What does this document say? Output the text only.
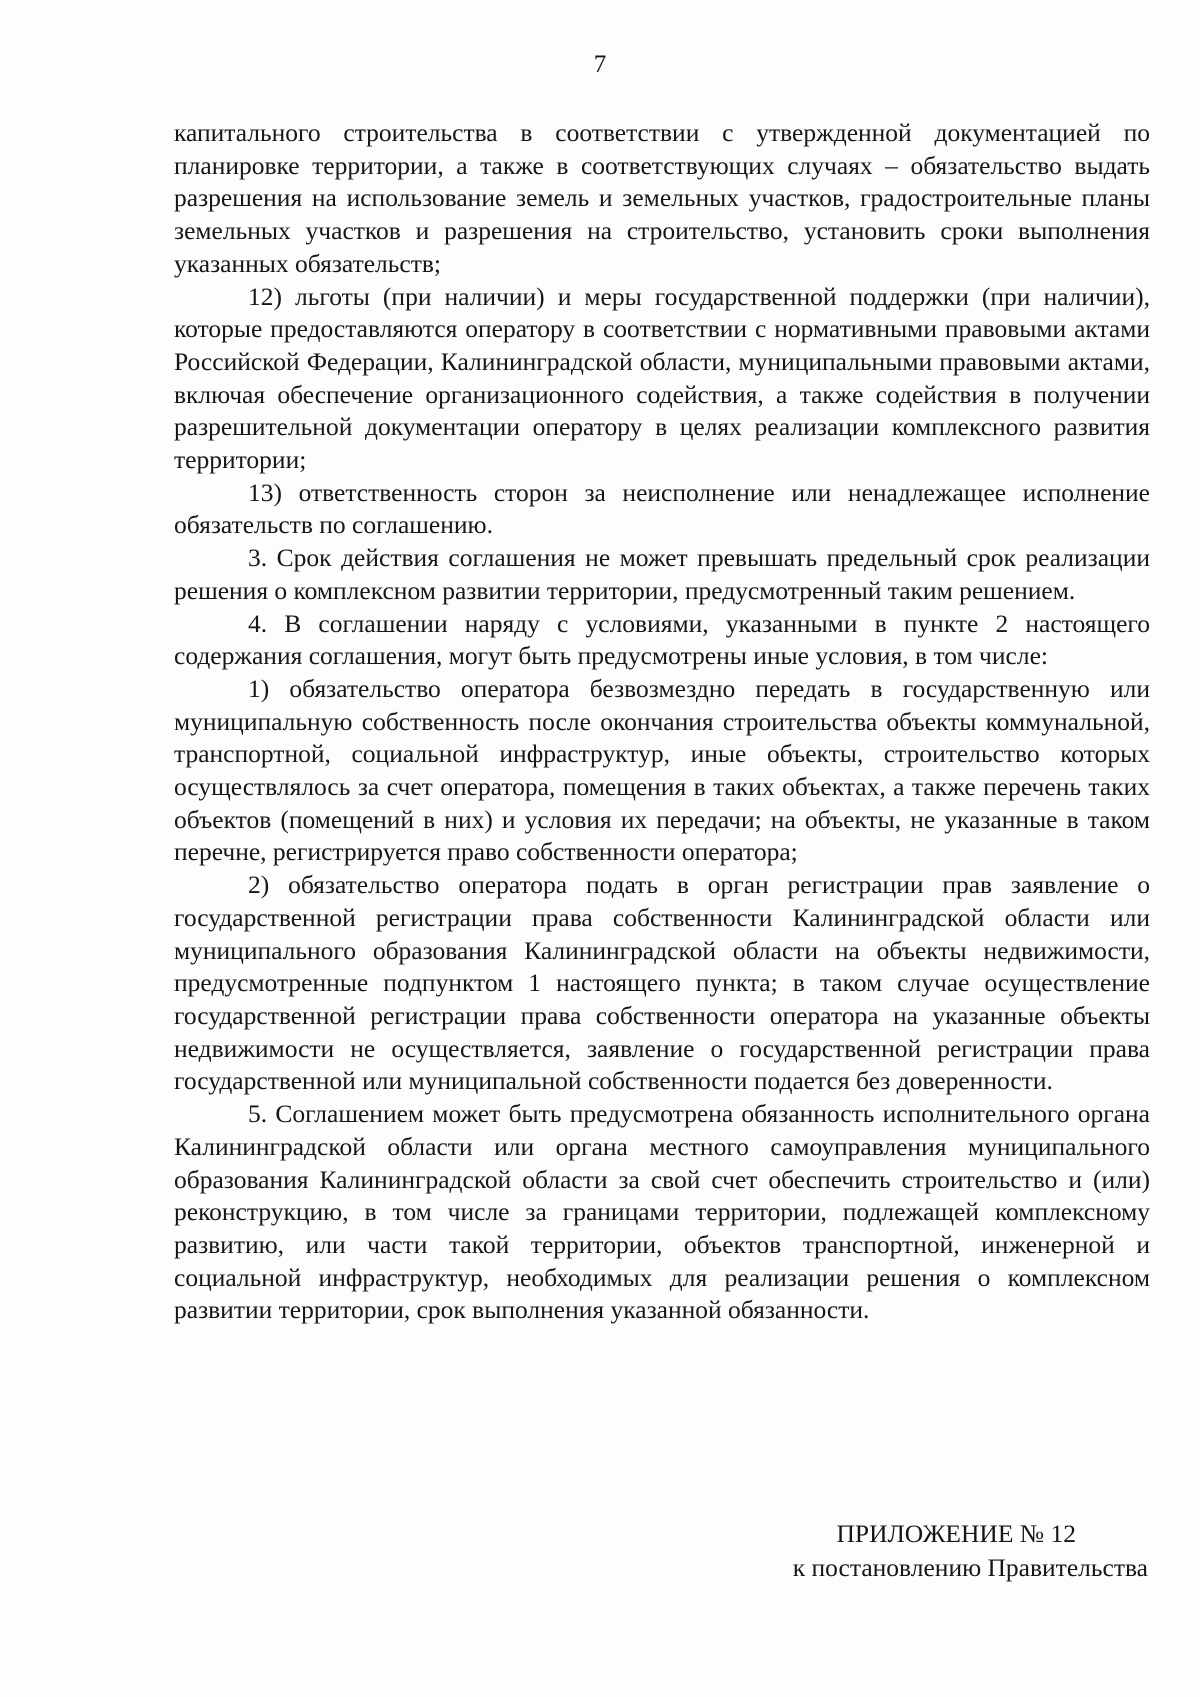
7

капитального строительства в соответствии с утвержденной документацией по планировке территории, а также в соответствующих случаях – обязательство выдать разрешения на использование земель и земельных участков, градостроительные планы земельных участков и разрешения на строительство, установить сроки выполнения указанных обязательств;

12) льготы (при наличии) и меры государственной поддержки (при наличии), которые предоставляются оператору в соответствии с нормативными правовыми актами Российской Федерации, Калининградской области, муниципальными правовыми актами, включая обеспечение организационного содействия, а также содействия в получении разрешительной документации оператору в целях реализации комплексного развития территории;

13) ответственность сторон за неисполнение или ненадлежащее исполнение обязательств по соглашению.

3. Срок действия соглашения не может превышать предельный срок реализации решения о комплексном развитии территории, предусмотренный таким решением.

4. В соглашении наряду с условиями, указанными в пункте 2 настоящего содержания соглашения, могут быть предусмотрены иные условия, в том числе:

1) обязательство оператора безвозмездно передать в государственную или муниципальную собственность после окончания строительства объекты коммунальной, транспортной, социальной инфраструктур, иные объекты, строительство которых осуществлялось за счет оператора, помещения в таких объектах, а также перечень таких объектов (помещений в них) и условия их передачи; на объекты, не указанные в таком перечне, регистрируется право собственности оператора;

2) обязательство оператора подать в орган регистрации прав заявление о государственной регистрации права собственности Калининградской области или муниципального образования Калининградской области на объекты недвижимости, предусмотренные подпунктом 1 настоящего пункта; в таком случае осуществление государственной регистрации права собственности оператора на указанные объекты недвижимости не осуществляется, заявление о государственной регистрации права государственной или муниципальной собственности подается без доверенности.

5. Соглашением может быть предусмотрена обязанность исполнительного органа Калининградской области или органа местного самоуправления муниципального образования Калининградской области за свой счет обеспечить строительство и (или) реконструкцию, в том числе за границами территории, подлежащей комплексному развитию, или части такой территории, объектов транспортной, инженерной и социальной инфраструктур, необходимых для реализации решения о комплексном развитии территории, срок выполнения указанной обязанности.

ПРИЛОЖЕНИЕ № 12
к постановлению Правительства
